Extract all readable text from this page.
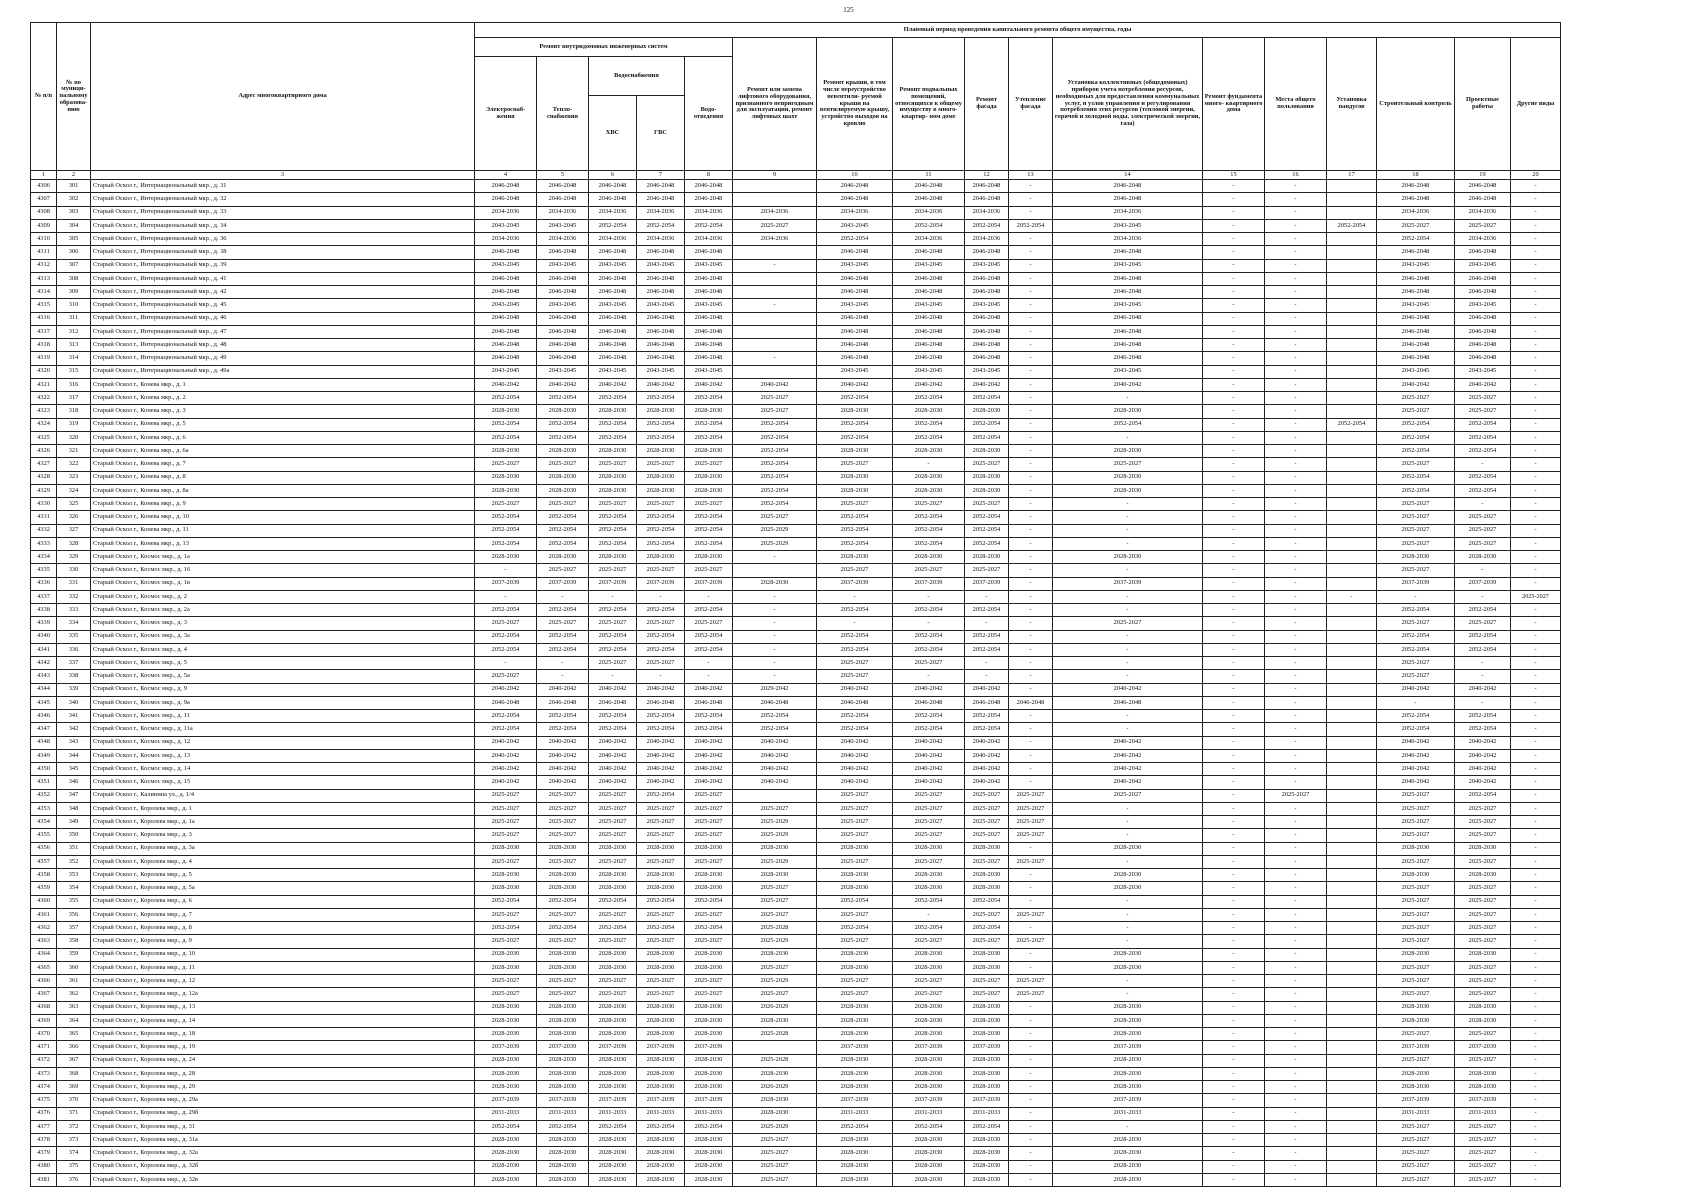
125
№ п/п	№ по муници- пальному образова- нию	Адрес многоквартирного дома	Плановый период проведения капитального ремонта общего имущества, годы																
			Ремонт внутридомовых инженерных систем					Ремонт или замена лифтового оборудования, признанного непригодным для эксплуатации, ремонт лифтовых шахт	Ремонт крыши, в том числе переустройство невентили- руемой крыши на вентилируемую крышу, устройство выходов на кровлю	Ремонт подвальных помещений, относящихся к общему имуществу в много- квартир- ном доме	Ремонт фасада	Утепление фасада	Установка коллективных (общедомовых) приборов учета потребления ресурсов, необходимых для предоставления коммунальных услуг, и узлов управления и регулирования потребления этих ресурсов (тепловой энергии, горячей и холодной воды, электрической энергии, газа)	Ремонт фундамента много- квартирного дома	Места общего пользования	Установка пандусов	Строительный контроль	Проектные работы	Другие виды
			Электроснаб- жения	Тепло- снабжения	Водоснабжения		Водо- отведения												
					ХВС	ГВС													
1	2	3	4	5	6	7	8	9	10	11	12	13	14	15	16	17	18	19	20
4306	301	Старый Оскол г., Интернациональный мкр., д. 31	2046-2048	2046-2048	2046-2048	2046-2048	2046-2048		2046-2048	2046-2048	2046-2048	-	2046-2048	-	-		2046-2048	2046-2048	-
4307	302	Старый Оскол г., Интернациональный мкр., д. 32	2046-2048	2046-2048	2046-2048	2046-2048	2046-2048		2046-2048	2046-2048	2046-2048	-	2046-2048	-	-		2046-2048	2046-2048	-
4308	303	Старый Оскол г., Интернациональный мкр., д. 33	2034-2036	2034-2036	2034-2036	2034-2036	2034-2036	2034-2036	2034-2036	2034-2036	2034-2036	-	2034-2036	-	-		2034-2036	2034-2036	-
4309	304	Старый Оскол г., Интернациональный мкр., д. 34	2043-2045	2043-2045	2052-2054	2052-2054	2052-2054	2025-2027	2043-2045	2052-2054	2052-2054	2052-2054	2043-2045	-	-	2052-2054	2025-2027	2025-2027	-
4310	305	Старый Оскол г., Интернациональный мкр., д. 36	2034-2036	2034-2036	2034-2036	2034-2036	2034-2036	2034-2036	2052-2054	2034-2036	2034-2036	-	2034-2036	-	-		2052-2054	2034-2036	-
4311	306	Старый Оскол г., Интернациональный мкр., д. 38	2046-2048	2046-2048	2046-2048	2046-2048	2046-2048		2046-2048	2046-2048	2046-2048	-	2046-2048	-	-		2046-2048	2046-2048	-
4312	307	Старый Оскол г., Интернациональный мкр., д. 39	2043-2045	2043-2045	2043-2045	2043-2045	2043-2045	-	2043-2045	2043-2045	2043-2045	-	2043-2045	-	-		2043-2045	2043-2045	-
4313	308	Старый Оскол г., Интернациональный мкр., д. 41	2046-2048	2046-2048	2046-2048	2046-2048	2046-2048		2046-2048	2046-2048	2046-2048	-	2046-2048	-	-		2046-2048	2046-2048	-
4314	309	Старый Оскол г., Интернациональный мкр., д. 42	2046-2048	2046-2048	2046-2048	2046-2048	2046-2048		2046-2048	2046-2048	2046-2048	-	2046-2048	-	-		2046-2048	2046-2048	-
4315	310	Старый Оскол г., Интернациональный мкр., д. 45	2043-2045	2043-2045	2043-2045	2043-2045	2043-2045	-	2043-2045	2043-2045	2043-2045	-	2043-2045	-	-		2043-2045	2043-2045	-
4316	311	Старый Оскол г., Интернациональный мкр., д. 46	2046-2048	2046-2048	2046-2048	2046-2048	2046-2048		2046-2048	2046-2048	2046-2048	-	2046-2048	-	-		2046-2048	2046-2048	-
4317	312	Старый Оскол г., Интернациональный мкр., д. 47	2046-2048	2046-2048	2046-2048	2046-2048	2046-2048		2046-2048	2046-2048	2046-2048	-	2046-2048	-	-		2046-2048	2046-2048	-
4318	313	Старый Оскол г., Интернациональный мкр., д. 48	2046-2048	2046-2048	2046-2048	2046-2048	2046-2048		2046-2048	2046-2048	2046-2048	-	2046-2048	-	-		2046-2048	2046-2048	-
4319	314	Старый Оскол г., Интернациональный мкр., д. 49	2046-2048	2046-2048	2046-2048	2046-2048	2046-2048	-	2046-2048	2046-2048	2046-2048	-	2046-2048	-	-		2046-2048	2046-2048	-
4320	315	Старый Оскол г., Интернациональный мкр., д. 49а	2043-2045	2043-2045	2043-2045	2043-2045	2043-2045		2043-2045	2043-2045	2043-2045	-	2043-2045	-	-		2043-2045	2043-2045	-
4321	316	Старый Оскол г., Конева мкр., д. 1	2040-2042	2040-2042	2040-2042	2040-2042	2040-2042	2040-2042	2040-2042	2040-2042	2040-2042	-	2040-2042	-	-		2040-2042	2040-2042	-
4322	317	Старый Оскол г., Конева мкр., д. 2	2052-2054	2052-2054	2052-2054	2052-2054	2052-2054	2025-2027	2052-2054	2052-2054	2052-2054	-	-	-	-		2025-2027	2025-2027	-
4323	318	Старый Оскол г., Конева мкр., д. 3	2028-2030	2028-2030	2028-2030	2028-2030	2028-2030	2025-2027	2028-2030	2028-2030	2028-2030	-	2028-2030	-	-		2025-2027	2025-2027	-
4324	319	Старый Оскол г., Конева мкр., д. 5	2052-2054	2052-2054	2052-2054	2052-2054	2052-2054	2052-2054	2052-2054	2052-2054	2052-2054	-	2052-2054	-	-	2052-2054	2052-2054	2052-2054	-
4325	320	Старый Оскол г., Конева мкр., д. 6	2052-2054	2052-2054	2052-2054	2052-2054	2052-2054	2052-2054	2052-2054	2052-2054	2052-2054	-	-	-	-		2052-2054	2052-2054	-
4326	321	Старый Оскол г., Конева мкр., д. 6а	2028-2030	2028-2030	2028-2030	2028-2030	2028-2030	2052-2054	2028-2030	2028-2030	2028-2030	-	2028-2030	-	-		2052-2054	2052-2054	-
4327	322	Старый Оскол г., Конева мкр., д. 7	2025-2027	2025-2027	2025-2027	2025-2027	2025-2027	2052-2054	2025-2027	-	2025-2027	-	2025-2027	-	-		2025-2027	-	-
4328	323	Старый Оскол г., Конева мкр., д. 8	2028-2030	2028-2030	2028-2030	2028-2030	2028-2030	2052-2054	2028-2030	2028-2030	2028-2030	-	2028-2030	-	-		2052-2054	2052-2054	-
4329	324	Старый Оскол г., Конева мкр., д. 8а	2028-2030	2028-2030	2028-2030	2028-2030	2028-2030	2052-2054	2028-2030	2028-2030	2028-2030	-	2028-2030	-	-		2052-2054	2052-2054	-
4330	325	Старый Оскол г., Конева мкр., д. 9	2025-2027	2025-2027	2025-2027	2025-2027	2025-2027	2052-2054	2025-2027	2025-2027	2025-2027	-	-	-	-		2025-2027	-	-
4331	326	Старый Оскол г., Конева мкр., д. 10	2052-2054	2052-2054	2052-2054	2052-2054	2052-2054	2025-2027	2052-2054	2052-2054	2052-2054	-	-	-	-		2025-2027	2025-2027	-
4332	327	Старый Оскол г., Конева мкр., д. 11	2052-2054	2052-2054	2052-2054	2052-2054	2052-2054	2025-2029	2052-2054	2052-2054	2052-2054	-	-	-	-		2025-2027	2025-2027	-
4333	328	Старый Оскол г., Конева мкр., д. 13	2052-2054	2052-2054	2052-2054	2052-2054	2052-2054	2025-2029	2052-2054	2052-2054	2052-2054	-	-	-	-		2025-2027	2025-2027	-
4334	329	Старый Оскол г., Космос мкр., д. 1а	2028-2030	2028-2030	2028-2030	2028-2030	2028-2030	-	2028-2030	2028-2030	2028-2030	-	2028-2030	-	-		2028-2030	2028-2030	-
4335	330	Старый Оскол г., Космос мкр., д. 16	-	2025-2027	2025-2027	2025-2027	2025-2027		2025-2027	2025-2027	2025-2027	-	-	-	-		2025-2027	-	-
4336	331	Старый Оскол г., Космос мкр., д. 1в	2037-2039	2037-2039	2037-2039	2037-2039	2037-2039	2028-2030	2037-2039	2037-2039	2037-2039	-	2037-2039	-	-		2037-2039	2037-2039	-
4337	332	Старый Оскол г., Космос мкр., д. 2	-	-	-	-	-	-	-	-	-	-	-	-	-	-	-	-	2025-2027
4338	333	Старый Оскол г., Космос мкр., д. 2а	2052-2054	2052-2054	2052-2054	2052-2054	2052-2054	-	2052-2054	2052-2054	2052-2054	-	-	-	-		2052-2054	2052-2054	-
4339	334	Старый Оскол г., Космос мкр., д. 3	2025-2027	2025-2027	2025-2027	2025-2027	2025-2027	-	-	-	-	-	2025-2027	-	-		2025-2027	2025-2027	-
4340	335	Старый Оскол г., Космос мкр., д. 3а	2052-2054	2052-2054	2052-2054	2052-2054	2052-2054	-	2052-2054	2052-2054	2052-2054	-	-	-	-		2052-2054	2052-2054	-
4341	336	Старый Оскол г., Космос мкр., д. 4	2052-2054	2052-2054	2052-2054	2052-2054	2052-2054	-	2052-2054	2052-2054	2052-2054	-	-	-	-		2052-2054	2052-2054	-
4342	337	Старый Оскол г., Космос мкр., д. 5	-	-	2025-2027	2025-2027	-	-	2025-2027	2025-2027	-	-	-	-	-		2025-2027	-	-
4343	338	Старый Оскол г., Космос мкр., д. 5а	2025-2027	-	-	-	-	-	2025-2027	-	-	-	-	-	-		2025-2027	-	-
4344	339	Старый Оскол г., Космос мкр., д. 9	2040-2042	2040-2042	2040-2042	2040-2042	2040-2042	2029-2042	2040-2042	2040-2042	2040-2042	-	2040-2042	-	-		2040-2042	2040-2042	-
4345	340	Старый Оскол г., Космос мкр., д. 9а	2046-2048	2046-2048	2046-2048	2046-2048	2046-2048	2046-2048	2046-2048	2046-2048	2046-2048	2046-2048	2046-2048	-	-		-	-	-
4346	341	Старый Оскол г., Космос мкр., д. 11	2052-2054	2052-2054	2052-2054	2052-2054	2052-2054	2052-2054	2052-2054	2052-2054	2052-2054	-	-	-	-		2052-2054	2052-2054	-
4347	342	Старый Оскол г., Космос мкр., д. 11а	2052-2054	2052-2054	2052-2054	2052-2054	2052-2054	2052-2054	2052-2054	2052-2054	2052-2054	-	-	-	-		2052-2054	2052-2054	-
4348	343	Старый Оскол г., Космос мкр., д. 12	2040-2042	2040-2042	2040-2042	2040-2042	2040-2042	2040-2042	2040-2042	2040-2042	2040-2042	-	2040-2042	-	-		2040-2042	2040-2042	-
4349	344	Старый Оскол г., Космос мкр., д. 13	2040-2042	2040-2042	2040-2042	2040-2042	2040-2042	2040-2042	2040-2042	2040-2042	2040-2042	-	2040-2042	-	-		2040-2042	2040-2042	-
4350	345	Старый Оскол г., Космос мкр., д. 14	2040-2042	2040-2042	2040-2042	2040-2042	2040-2042	2040-2042	2040-2042	2040-2042	2040-2042	-	2040-2042	-	-		2040-2042	2040-2042	-
4351	346	Старый Оскол г., Космос мкр., д. 15	2040-2042	2040-2042	2040-2042	2040-2042	2040-2042	2040-2042	2040-2042	2040-2042	2040-2042	-	2040-2042	-	-		2040-2042	2040-2042	-
4352	347	Старый Оскол г., Калинина ул., д. 1/4	2025-2027	2025-2027	2025-2027	2052-2054	2025-2027		2025-2027	2025-2027	2025-2027	2025-2027	2025-2027	-	2025-2027		2025-2027	2052-2054	-
4353	348	Старый Оскол г., Королева мкр., д. 1	2025-2027	2025-2027	2025-2027	2025-2027	2025-2027	2025-2027	2025-2027	2025-2027	2025-2027	2025-2027	-	-	-		2025-2027	2025-2027	-
4354	349	Старый Оскол г., Королева мкр., д. 1а	2025-2027	2025-2027	2025-2027	2025-2027	2025-2027	2025-2029	2025-2027	2025-2027	2025-2027	2025-2027	-	-	-		2025-2027	2025-2027	-
4355	350	Старый Оскол г., Королева мкр., д. 3	2025-2027	2025-2027	2025-2027	2025-2027	2025-2027	2025-2029	2025-2027	2025-2027	2025-2027	2025-2027	-	-	-		2025-2027	2025-2027	-
4356	351	Старый Оскол г., Королева мкр., д. 3а	2028-2030	2028-2030	2028-2030	2028-2030	2028-2030	2028-2030	2028-2030	2028-2030	2028-2030	-	2028-2030	-	-		2028-2030	2028-2030	-
4357	352	Старый Оскол г., Королева мкр., д. 4	2025-2027	2025-2027	2025-2027	2025-2027	2025-2027	2025-2029	2025-2027	2025-2027	2025-2027	2025-2027	-	-	-		2025-2027	2025-2027	-
4358	353	Старый Оскол г., Королева мкр., д. 5	2028-2030	2028-2030	2028-2030	2028-2030	2028-2030	2028-2030	2028-2030	2028-2030	2028-2030	-	2028-2030	-	-		2028-2030	2028-2030	-
4359	354	Старый Оскол г., Королева мкр., д. 5а	2028-2030	2028-2030	2028-2030	2028-2030	2028-2030	2025-2027	2028-2030	2028-2030	2028-2030	-	2028-2030	-	-		2025-2027	2025-2027	-
4360	355	Старый Оскол г., Королева мкр., д. 6	2052-2054	2052-2054	2052-2054	2052-2054	2052-2054	2025-2027	2052-2054	2052-2054	2052-2054	-	-	-	-		2025-2027	2025-2027	-
4361	356	Старый Оскол г., Королева мкр., д. 7	2025-2027	2025-2027	2025-2027	2025-2027	2025-2027	2025-2027	2025-2027	-	2025-2027	2025-2027	-	-	-		2025-2027	2025-2027	-
4362	357	Старый Оскол г., Королева мкр., д. 8	2052-2054	2052-2054	2052-2054	2052-2054	2052-2054	2025-2028	2052-2054	2052-2054	2052-2054	-	-	-	-		2025-2027	2025-2027	-
4363	358	Старый Оскол г., Королева мкр., д. 9	2025-2027	2025-2027	2025-2027	2025-2027	2025-2027	2025-2029	2025-2027	2025-2027	2025-2027	2025-2027	-	-	-		2025-2027	2025-2027	-
4364	359	Старый Оскол г., Королева мкр., д. 10	2028-2030	2028-2030	2028-2030	2028-2030	2028-2030	2028-2030	2028-2030	2028-2030	2028-2030	-	2028-2030	-	-		2028-2030	2028-2030	-
4365	360	Старый Оскол г., Королева мкр., д. 11	2028-2030	2028-2030	2028-2030	2028-2030	2028-2030	2025-2027	2028-2030	2028-2030	2028-2030	-	2028-2030	-	-		2025-2027	2025-2027	-
4366	361	Старый Оскол г., Королева мкр., д. 12	2025-2027	2025-2027	2025-2027	2025-2027	2025-2027	2025-2029	2025-2027	2025-2027	2025-2027	2025-2027	-	-	-		2025-2027	2025-2027	-
4367	362	Старый Оскол г., Королева мкр., д. 12а	2025-2027	2025-2027	2025-2027	2025-2027	2025-2027	2025-2027	2025-2027	2025-2027	2025-2027	2025-2027	-	-	-		2025-2027	2025-2027	-
4368	363	Старый Оскол г., Королева мкр., д. 13	2028-2030	2028-2030	2028-2030	2028-2030	2028-2030	2026-2029	2028-2030	2028-2030	2028-2030	-	2028-2030	-	-		2028-2030	2028-2030	-
4369	364	Старый Оскол г., Королева мкр., д. 14	2028-2030	2028-2030	2028-2030	2028-2030	2028-2030	2028-2030	2028-2030	2028-2030	2028-2030	-	2028-2030	-	-		2028-2030	2028-2030	-
4370	365	Старый Оскол г., Королева мкр., д. 18	2028-2030	2028-2030	2028-2030	2028-2030	2028-2030	2025-2028	2028-2030	2028-2030	2028-2030	-	2028-2030	-	-		2025-2027	2025-2027	-
4371	366	Старый Оскол г., Королева мкр., д. 19	2037-2039	2037-2039	2037-2039	2037-2039	2037-2039		2037-2039	2037-2039	2037-2039	-	2037-2039	-	-		2037-2039	2037-2039	-
4372	367	Старый Оскол г., Королева мкр., д. 24	2028-2030	2028-2030	2028-2030	2028-2030	2028-2030	2025-2028	2028-2030	2028-2030	2028-2030	-	2028-2030	-	-		2025-2027	2025-2027	-
4373	368	Старый Оскол г., Королева мкр., д. 28	2028-2030	2028-2030	2028-2030	2028-2030	2028-2030	2028-2030	2028-2030	2028-2030	2028-2030	-	2028-2030	-	-		2028-2030	2028-2030	-
4374	369	Старый Оскол г., Королева мкр., д. 29	2028-2030	2028-2030	2028-2030	2028-2030	2028-2030	2026-2029	2028-2030	2028-2030	2028-2030	-	2028-2030	-	-		2028-2030	2028-2030	-
4375	370	Старый Оскол г., Королева мкр., д. 29а	2037-2039	2037-2039	2037-2039	2037-2039	2037-2039	2028-2030	2037-2039	2037-2039	2037-2039	-	2037-2039	-	-		2037-2039	2037-2039	-
4376	371	Старый Оскол г., Королева мкр., д. 29б	2031-2033	2031-2033	2031-2033	2031-2033	2031-2033	2028-2030	2031-2033	2031-2033	2031-2033	-	2031-2033	-	-		2031-2033	2031-2033	-
4377	372	Старый Оскол г., Королева мкр., д. 31	2052-2054	2052-2054	2052-2054	2052-2054	2052-2054	2025-2029	2052-2054	2052-2054	2052-2054	-	-	-	-		2025-2027	2025-2027	-
4378	373	Старый Оскол г., Королева мкр., д. 31а	2028-2030	2028-2030	2028-2030	2028-2030	2028-2030	2025-2027	2028-2030	2028-2030	2028-2030	-	2028-2030	-	-		2025-2027	2025-2027	-
4379	374	Старый Оскол г., Королева мкр., д. 32а	2028-2030	2028-2030	2028-2030	2028-2030	2028-2030	2025-2027	2028-2030	2028-2030	2028-2030	-	2028-2030	-	-		2025-2027	2025-2027	-
4380	375	Старый Оскол г., Королева мкр., д. 32б	2028-2030	2028-2030	2028-2030	2028-2030	2028-2030	2025-2027	2028-2030	2028-2030	2028-2030	-	2028-2030	-	-		2025-2027	2025-2027	-
4381	376	Старый Оскол г., Королева мкр., д. 32в	2028-2030	2028-2030	2028-2030	2028-2030	2028-2030	2025-2027	2028-2030	2028-2030	2028-2030	-	2028-2030	-	-		2025-2027	2025-2027	-
